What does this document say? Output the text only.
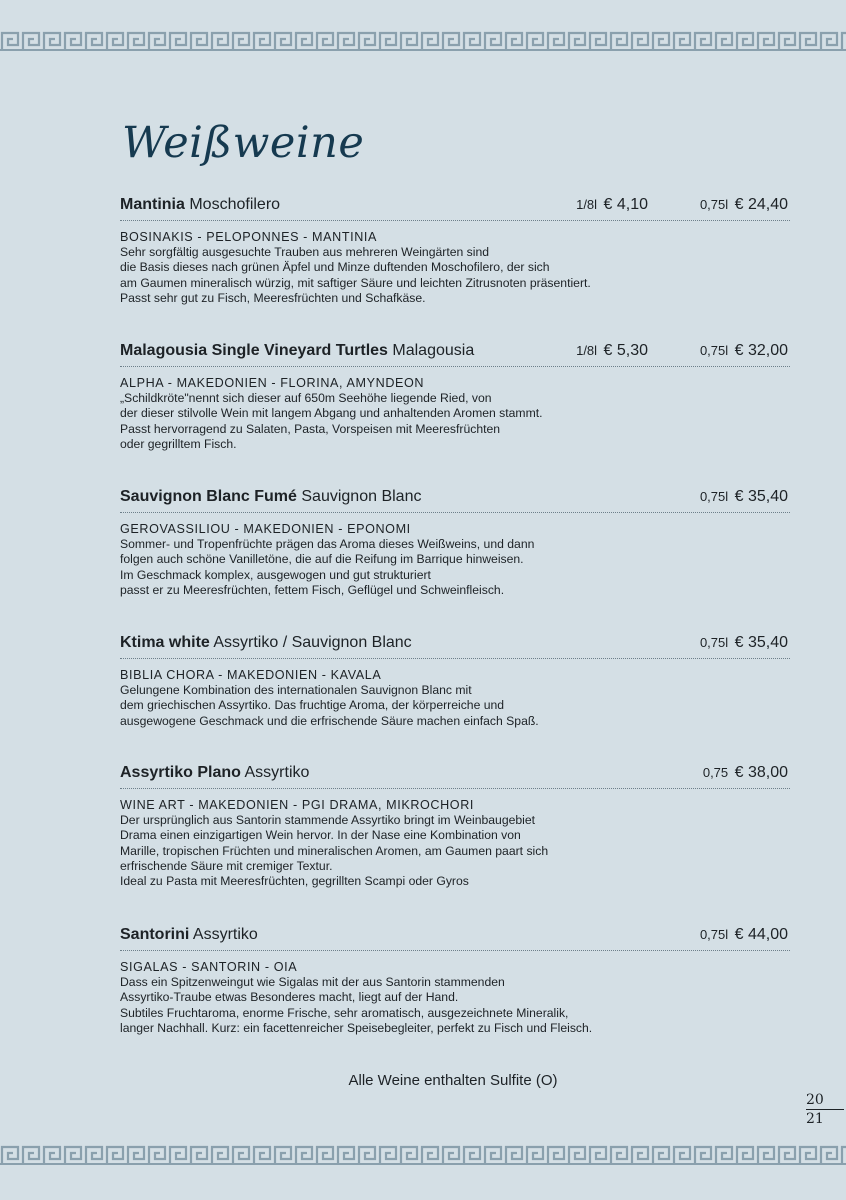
Weißweine
Mantinia Moschofilero	1/8l € 4,10	0,75l € 24,40
BOSINAKIS - PELOPONNES - MANTINIA
Sehr sorgfältig ausgesuchte Trauben aus mehreren Weingärten sind
die Basis dieses nach grünen Äpfel und Minze duftenden Moschofilero, der sich
am Gaumen mineralisch würzig, mit saftiger Säure und leichten Zitrusnoten präsentiert.
Passt sehr gut zu Fisch, Meeresfrüchten und Schafkäse.
Malagousia Single Vineyard Turtles Malagousia	1/8l € 5,30	0,75l € 32,00
ALPHA - MAKEDONIEN - FLORINA, AMYNDEON
„Schildkröte"nennt sich dieser auf 650m Seehöhe liegende Ried, von
der dieser stilvolle Wein mit langem Abgang und anhaltenden Aromen stammt.
Passt hervorragend zu Salaten, Pasta, Vorspeisen mit Meeresfrüchten
oder gegrilltem Fisch.
Sauvignon Blanc Fumé Sauvignon Blanc	0,75l € 35,40
GEROVASSILIOU - MAKEDONIEN - EPONOMI
Sommer- und Tropenfrüchte prägen das Aroma dieses Weißweins, und dann
folgen auch schöne Vanilletöne, die auf die Reifung im Barrique hinweisen.
Im Geschmack komplex, ausgewogen und gut strukturiert
passt er zu Meeresfrüchten, fettem Fisch, Geflügel und Schweinfleisch.
Ktima white Assyrtiko / Sauvignon Blanc	0,75l € 35,40
BIBLIA CHORA - MAKEDONIEN - KAVALA
Gelungene Kombination des internationalen Sauvignon Blanc mit
dem griechischen Assyrtiko. Das fruchtige Aroma, der körperreiche und
ausgewogene Geschmack und die erfrischende Säure machen einfach Spaß.
Assyrtiko Plano Assyrtiko	0,75 € 38,00
WINE ART - MAKEDONIEN - PGI DRAMA, MIKROCHORI
Der ursprünglich aus Santorin stammende Assyrtiko bringt im Weinbaugebiet
Drama einen einzigartigen Wein hervor. In der Nase eine Kombination von
Marille, tropischen Früchten und mineralischen Aromen, am Gaumen paart sich
erfrischende Säure mit cremiger Textur.
Ideal zu Pasta mit Meeresfrüchten, gegrillten Scampi oder Gyros
Santorini Assyrtiko	0,75l € 44,00
SIGALAS - SANTORIN - OIA
Dass ein Spitzenweingut wie Sigalas mit der aus Santorin stammenden
Assyrtiko-Traube etwas Besonderes macht, liegt auf der Hand.
Subtiles Fruchtaroma, enorme Frische, sehr aromatisch, ausgezeichnete Mineralik,
langer Nachhall. Kurz: ein facettenreicher Speisebegleiter, perfekt zu Fisch und Fleisch.
Alle Weine enthalten Sulfite (O)
20
21
